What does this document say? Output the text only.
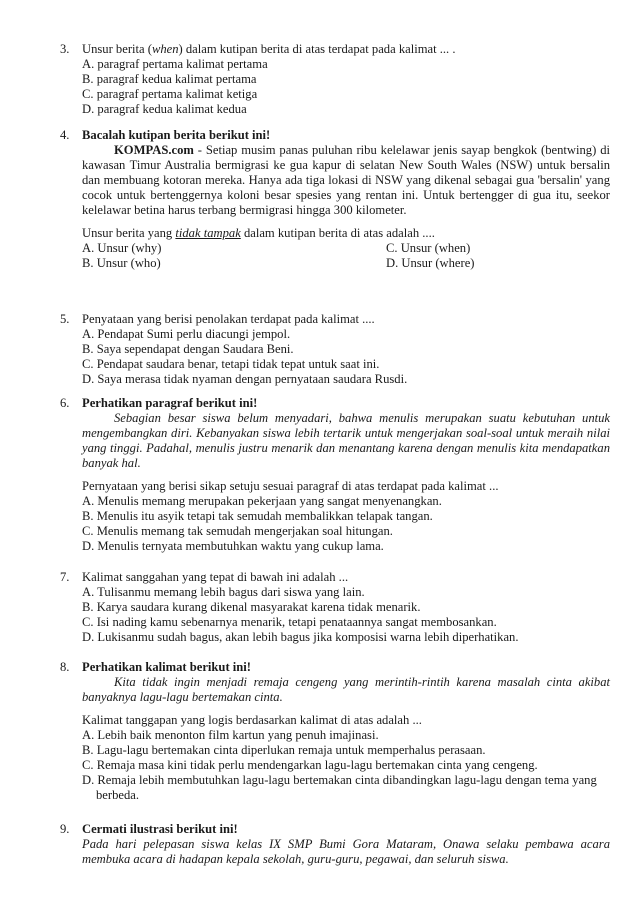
3. Unsur berita (when) dalam kutipan berita di atas terdapat pada kalimat ... .

A. paragraf pertama kalimat pertama

B. paragraf kedua kalimat pertama

C. paragraf pertama kalimat ketiga

D. paragraf kedua kalimat kedua

4. Bacalah kutipan berita berikut ini!

KOMPAS.com - Setiap musim panas puluhan ribu kelelawar jenis sayap bengkok (bentwing) di kawasan Timur Australia bermigrasi ke gua kapur di selatan New South Wales (NSW) untuk bersalin dan membuang kotoran mereka. Hanya ada tiga lokasi di NSW yang dikenal sebagai gua 'bersalin' yang cocok untuk bertenggernya koloni besar spesies yang rentan ini. Untuk bertengger di gua itu, seekor kelelawar betina harus terbang bermigrasi hingga 300 kilometer.

Unsur berita yang tidak tampak dalam kutipan berita di atas adalah ....

A. Unsur (why)	C. Unsur (when)
B. Unsur (who)	D. Unsur (where)
5. Penyataan yang berisi penolakan terdapat pada kalimat ....

A. Pendapat Sumi perlu diacungi jempol.

B. Saya sependapat dengan Saudara Beni.

C. Pendapat saudara benar, tetapi tidak tepat untuk saat ini.

D. Saya merasa tidak nyaman dengan pernyataan saudara Rusdi.

6. Perhatikan paragraf berikut ini!

Sebagian besar siswa belum menyadari, bahwa menulis merupakan suatu kebutuhan untuk mengembangkan diri. Kebanyakan siswa lebih tertarik untuk mengerjakan soal-soal untuk meraih nilai yang tinggi. Padahal, menulis justru menarik dan menantang karena dengan menulis kita mendapatkan banyak hal.

Pernyataan yang berisi sikap setuju sesuai paragraf di atas terdapat pada kalimat ...

A. Menulis memang merupakan pekerjaan yang sangat menyenangkan.

B. Menulis itu asyik tetapi tak semudah membalikkan telapak tangan.

C. Menulis memang tak semudah mengerjakan soal hitungan.

D. Menulis ternyata membutuhkan waktu yang cukup lama.

7. Kalimat sanggahan yang tepat di bawah ini adalah ...

A. Tulisanmu memang lebih bagus dari siswa yang lain.

B. Karya saudara kurang dikenal masyarakat karena tidak menarik.

C. Isi nading kamu sebenarnya menarik, tetapi penataannya sangat membosankan.

D. Lukisanmu sudah bagus, akan lebih bagus jika komposisi warna lebih diperhatikan.

8. Perhatikan kalimat berikut ini!

Kita tidak ingin menjadi remaja cengeng yang merintih-rintih karena masalah cinta akibat banyaknya lagu-lagu bertemakan cinta.

Kalimat tanggapan yang logis berdasarkan kalimat di atas adalah ...

A. Lebih baik menonton film kartun yang penuh imajinasi.

B. Lagu-lagu bertemakan cinta diperlukan remaja untuk memperhalus perasaan.

C. Remaja masa kini tidak perlu mendengarkan lagu-lagu bertemakan cinta yang cengeng.

D. Remaja lebih membutuhkan lagu-lagu bertemakan cinta dibandingkan lagu-lagu dengan tema yang berbeda.

9. Cermati ilustrasi berikut ini!

Pada hari pelepasan siswa kelas IX SMP Bumi Gora Mataram, Onawa selaku pembawa acara membuka acara di hadapan kepala sekolah, guru-guru, pegawai, dan seluruh siswa.
